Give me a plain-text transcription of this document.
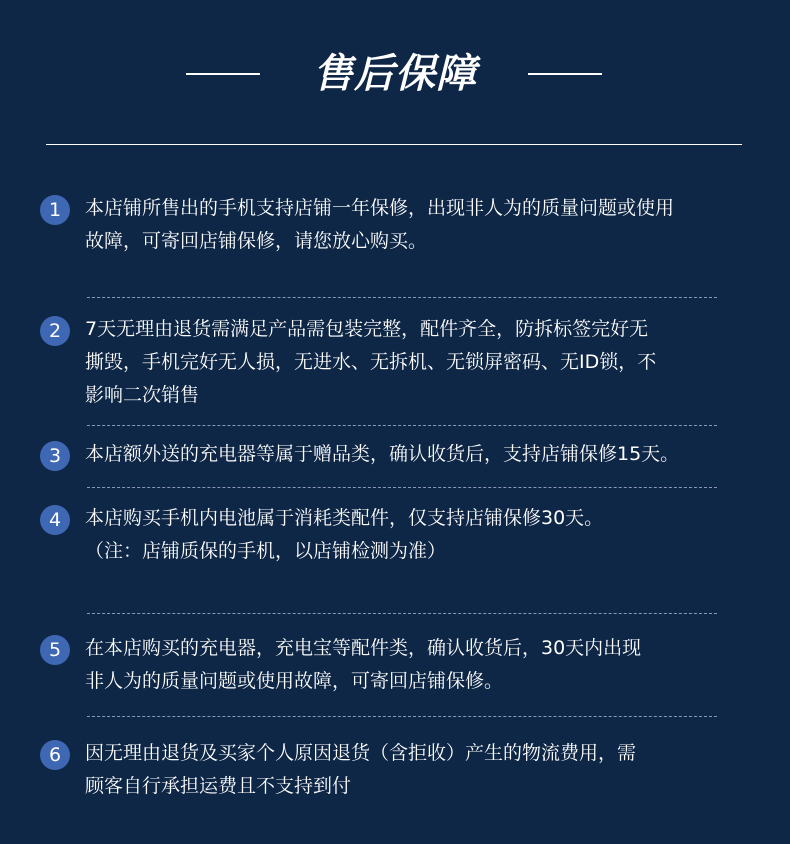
售后保障
1	本店铺所售出的手机支持店铺一年保修，出现非人为的质量问题或使用
故障，可寄回店铺保修，请您放心购买。
2	7天无理由退货需满足产品需包装完整，配件齐全，防拆标签完好无
撕毁，手机完好无人损，无进水、无拆机、无锁屏密码、无ID锁，不
影响二次销售
3	本店额外送的充电器等属于赠品类，确认收货后，支持店铺保修15天。
4	本店购买手机内电池属于消耗类配件，仅支持店铺保修30天。
（注：店铺质保的手机，以店铺检测为准）
5	在本店购买的充电器，充电宝等配件类，确认收货后，30天内出现
非人为的质量问题或使用故障，可寄回店铺保修。
6	因无理由退货及买家个人原因退货（含拒收）产生的物流费用，需
顾客自行承担运费且不支持到付
